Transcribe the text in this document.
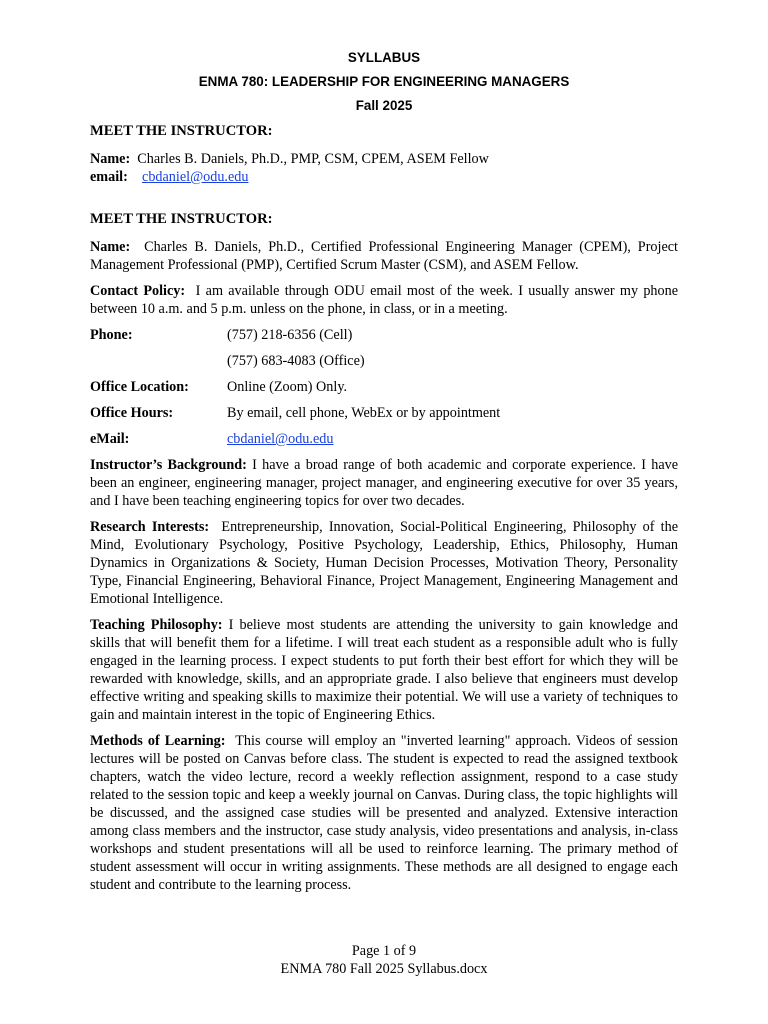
SYLLABUS
ENMA 780: LEADERSHIP FOR ENGINEERING MANAGERS
Fall 2025
MEET THE INSTRUCTOR:
Name: Charles B. Daniels, Ph.D., PMP, CSM, CPEM, ASEM Fellow
email: cbdaniel@odu.edu
MEET THE INSTRUCTOR:
Name: Charles B. Daniels, Ph.D., Certified Professional Engineering Manager (CPEM), Project Management Professional (PMP), Certified Scrum Master (CSM), and ASEM Fellow.
Contact Policy: I am available through ODU email most of the week. I usually answer my phone between 10 a.m. and 5 p.m. unless on the phone, in class, or in a meeting.
Phone:	(757) 218-6356 (Cell)
(757) 683-4083 (Office)
Office Location:	Online (Zoom) Only.
Office Hours:	By email, cell phone, WebEx or by appointment
eMail:	cbdaniel@odu.edu
Instructor’s Background: I have a broad range of both academic and corporate experience. I have been an engineer, engineering manager, project manager, and engineering executive for over 35 years, and I have been teaching engineering topics for over two decades.
Research Interests: Entrepreneurship, Innovation, Social-Political Engineering, Philosophy of the Mind, Evolutionary Psychology, Positive Psychology, Leadership, Ethics, Philosophy, Human Dynamics in Organizations & Society, Human Decision Processes, Motivation Theory, Personality Type, Financial Engineering, Behavioral Finance, Project Management, Engineering Management and Emotional Intelligence.
Teaching Philosophy: I believe most students are attending the university to gain knowledge and skills that will benefit them for a lifetime. I will treat each student as a responsible adult who is fully engaged in the learning process. I expect students to put forth their best effort for which they will be rewarded with knowledge, skills, and an appropriate grade. I also believe that engineers must develop effective writing and speaking skills to maximize their potential. We will use a variety of techniques to gain and maintain interest in the topic of Engineering Ethics.
Methods of Learning: This course will employ an "inverted learning" approach. Videos of session lectures will be posted on Canvas before class. The student is expected to read the assigned textbook chapters, watch the video lecture, record a weekly reflection assignment, respond to a case study related to the session topic and keep a weekly journal on Canvas. During class, the topic highlights will be discussed, and the assigned case studies will be presented and analyzed. Extensive interaction among class members and the instructor, case study analysis, video presentations and analysis, in-class workshops and student presentations will all be used to reinforce learning. The primary method of student assessment will occur in writing assignments. These methods are all designed to engage each student and contribute to the learning process.
Page 1 of 9
ENMA 780 Fall 2025 Syllabus.docx
